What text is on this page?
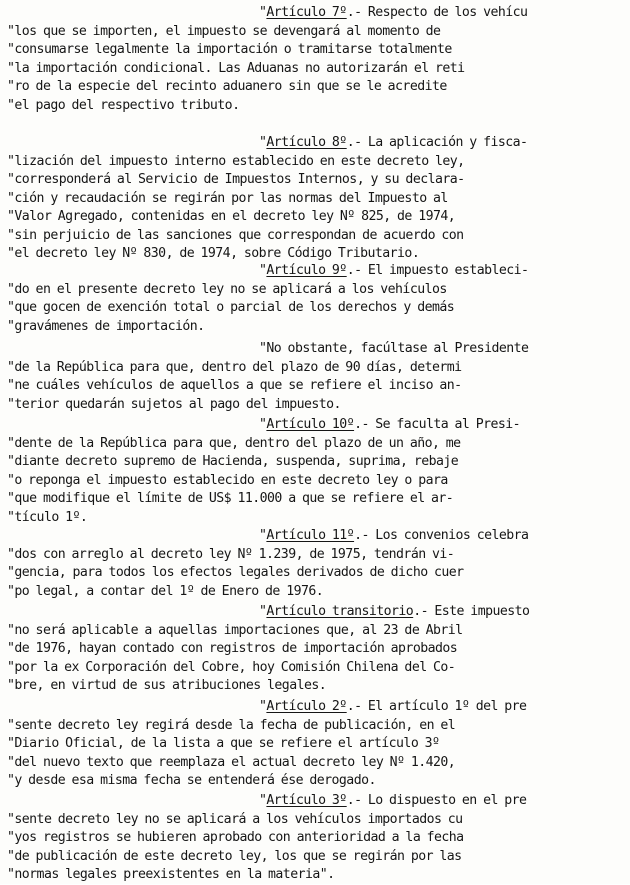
"Artículo 7º.- Respecto de los vehícu
"los que se importen, el impuesto se devengará al momento de
"consumarse legalmente la importación o tramitarse totalmente
"la importación condicional. Las Aduanas no autorizarán el reti
"ro de la especie del recinto aduanero sin que se le acredite
"el pago del respectivo tributo.
"Artículo 8º.- La aplicación y fisca-
"lización del impuesto interno establecido en este decreto ley,
"corresponderá al Servicio de Impuestos Internos, y su declara-
"ción y recaudación se regirán por las normas del Impuesto al
"Valor Agregado, contenidas en el decreto ley Nº 825, de 1974,
"sin perjuicio de las sanciones que correspondan de acuerdo con
"el decreto ley Nº 830, de 1974, sobre Código Tributario.
"Artículo 9º.- El impuesto estableci-
"do en el presente decreto ley no se aplicará a los vehículos
"que gocen de exención total o parcial de los derechos y demás
"gravámenes de importación.
"No obstante, facúltase al Presidente
"de la República para que, dentro del plazo de 90 días, determi
"ne cuáles vehículos de aquellos a que se refiere el inciso an-
"terior quedarán sujetos al pago del impuesto.
"Artículo 10º.- Se faculta al Presi-
"dente de la República para que, dentro del plazo de un año, me
"diante decreto supremo de Hacienda, suspenda, suprima, rebaje
"o reponga el impuesto establecido en este decreto ley o para
"que modifique el límite de US$ 11.000 a que se refiere el ar-
"tículo 1º.
"Artículo 11º.- Los convenios celebra
"dos con arreglo al decreto ley Nº 1.239, de 1975, tendrán vi-
"gencia, para todos los efectos legales derivados de dicho cuer
"po legal, a contar del 1º de Enero de 1976.
"Artículo transitorio.- Este impuesto
"no será aplicable a aquellas importaciones que, al 23 de Abril
"de 1976, hayan contado con registros de importación aprobados
"por la ex Corporación del Cobre, hoy Comisión Chilena del Co-
"bre, en virtud de sus atribuciones legales.
"Artículo 2º.- El artículo 1º del pre
"sente decreto ley regirá desde la fecha de publicación, en el
"Diario Oficial, de la lista a que se refiere el artículo 3º
"del nuevo texto que reemplaza el actual decreto ley Nº 1.420,
"y desde esa misma fecha se entenderá ése derogado.
"Artículo 3º.- Lo dispuesto en el pre
"sente decreto ley no se aplicará a los vehículos importados cu
"yos registros se hubieren aprobado con anterioridad a la fecha
"de publicación de este decreto ley, los que se regirán por las
"normas legales preexistentes en la materia".
